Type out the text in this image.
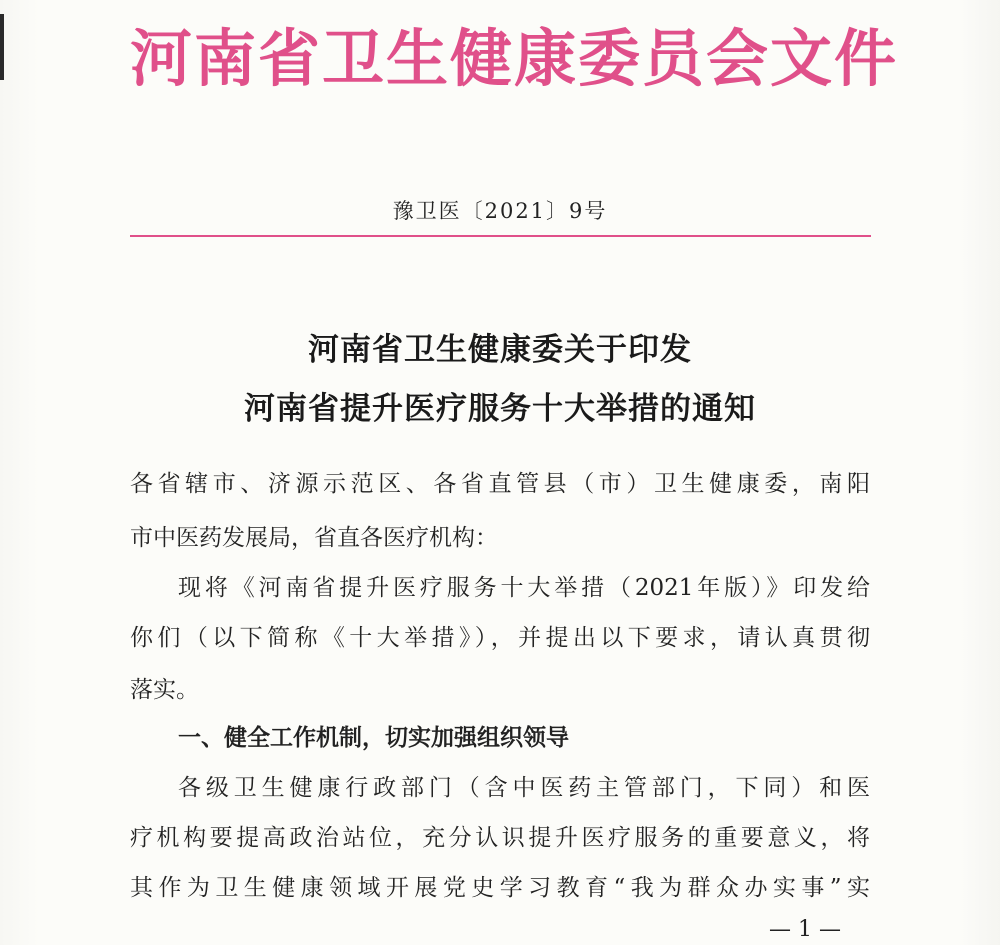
河南省卫生健康委员会文件
豫卫医〔2021〕9号
河南省卫生健康委关于印发
河南省提升医疗服务十大举措的通知
各省辖市、济源示范区、各省直管县（市）卫生健康委，南阳
市中医药发展局，省直各医疗机构：
现将《河南省提升医疗服务十大举措（2021年版）》印发给
你们（以下简称《十大举措》），并提出以下要求，请认真贯彻
落实。
一、健全工作机制，切实加强组织领导
各级卫生健康行政部门（含中医药主管部门，下同）和医
疗机构要提高政治站位，充分认识提升医疗服务的重要意义，将
其作为卫生健康领域开展党史学习教育“我为群众办实事”实
— 1 —
